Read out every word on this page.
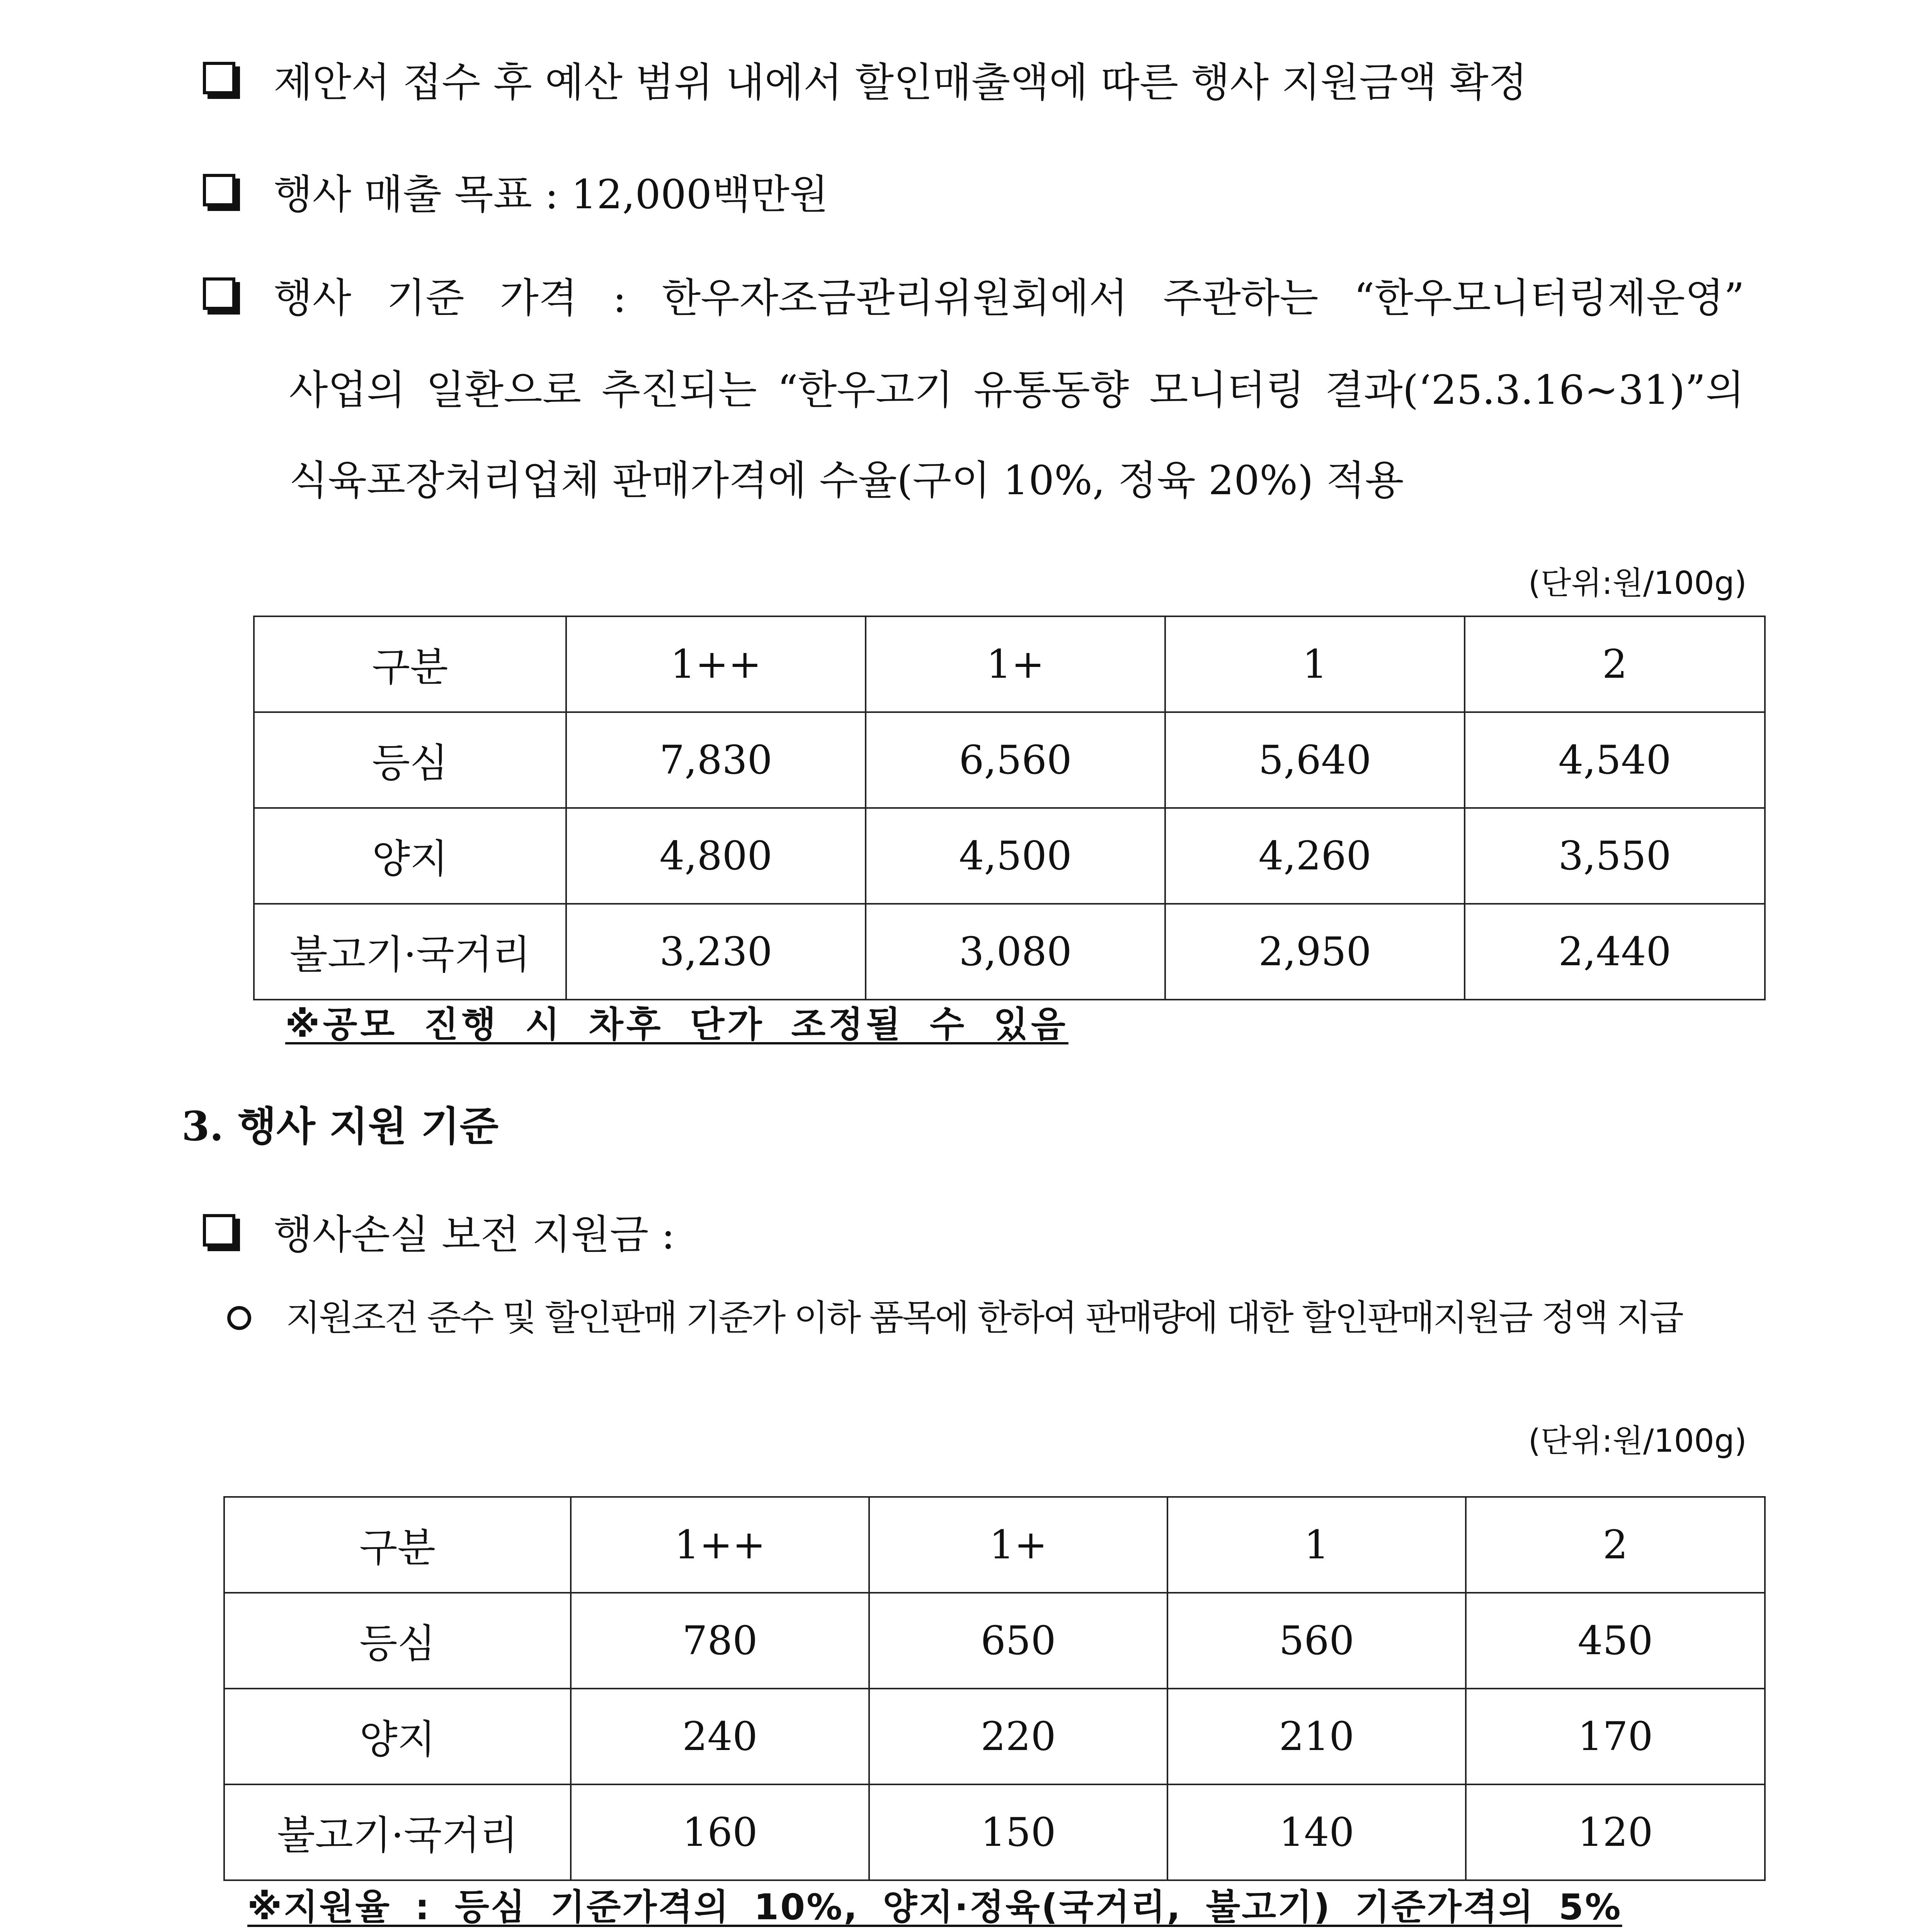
제안서 접수 후 예산 범위 내에서 할인매출액에 따른 행사 지원금액 확정
행사 매출 목표 : 12,000백만원
행사 기준 가격 : 한우자조금관리위원회에서 주관하는 “한우모니터링제운영”
사업의 일환으로 추진되는 “한우고기 유통동향 모니터링 결과(‘25.3.16~31)”의
식육포장처리업체 판매가격에 수율(구이 10%, 정육 20%) 적용
(단위:원/100g)
구분	1++	1+	1	2
등심	7,830	6,560	5,640	4,540
양지	4,800	4,500	4,260	3,550
불고기·국거리	3,230	3,080	2,950	2,440
※공모 진행 시 차후 단가 조정될 수 있음
3. 행사 지원 기준
행사손실 보전 지원금 :
지원조건 준수 및 할인판매 기준가 이하 품목에 한하여 판매량에 대한 할인판매지원금 정액 지급
(단위:원/100g)
구분	1++	1+	1	2
등심	780	650	560	450
양지	240	220	210	170
불고기·국거리	160	150	140	120
※지원율 : 등심 기준가격의 10%, 양지·정육(국거리, 불고기) 기준가격의 5%
